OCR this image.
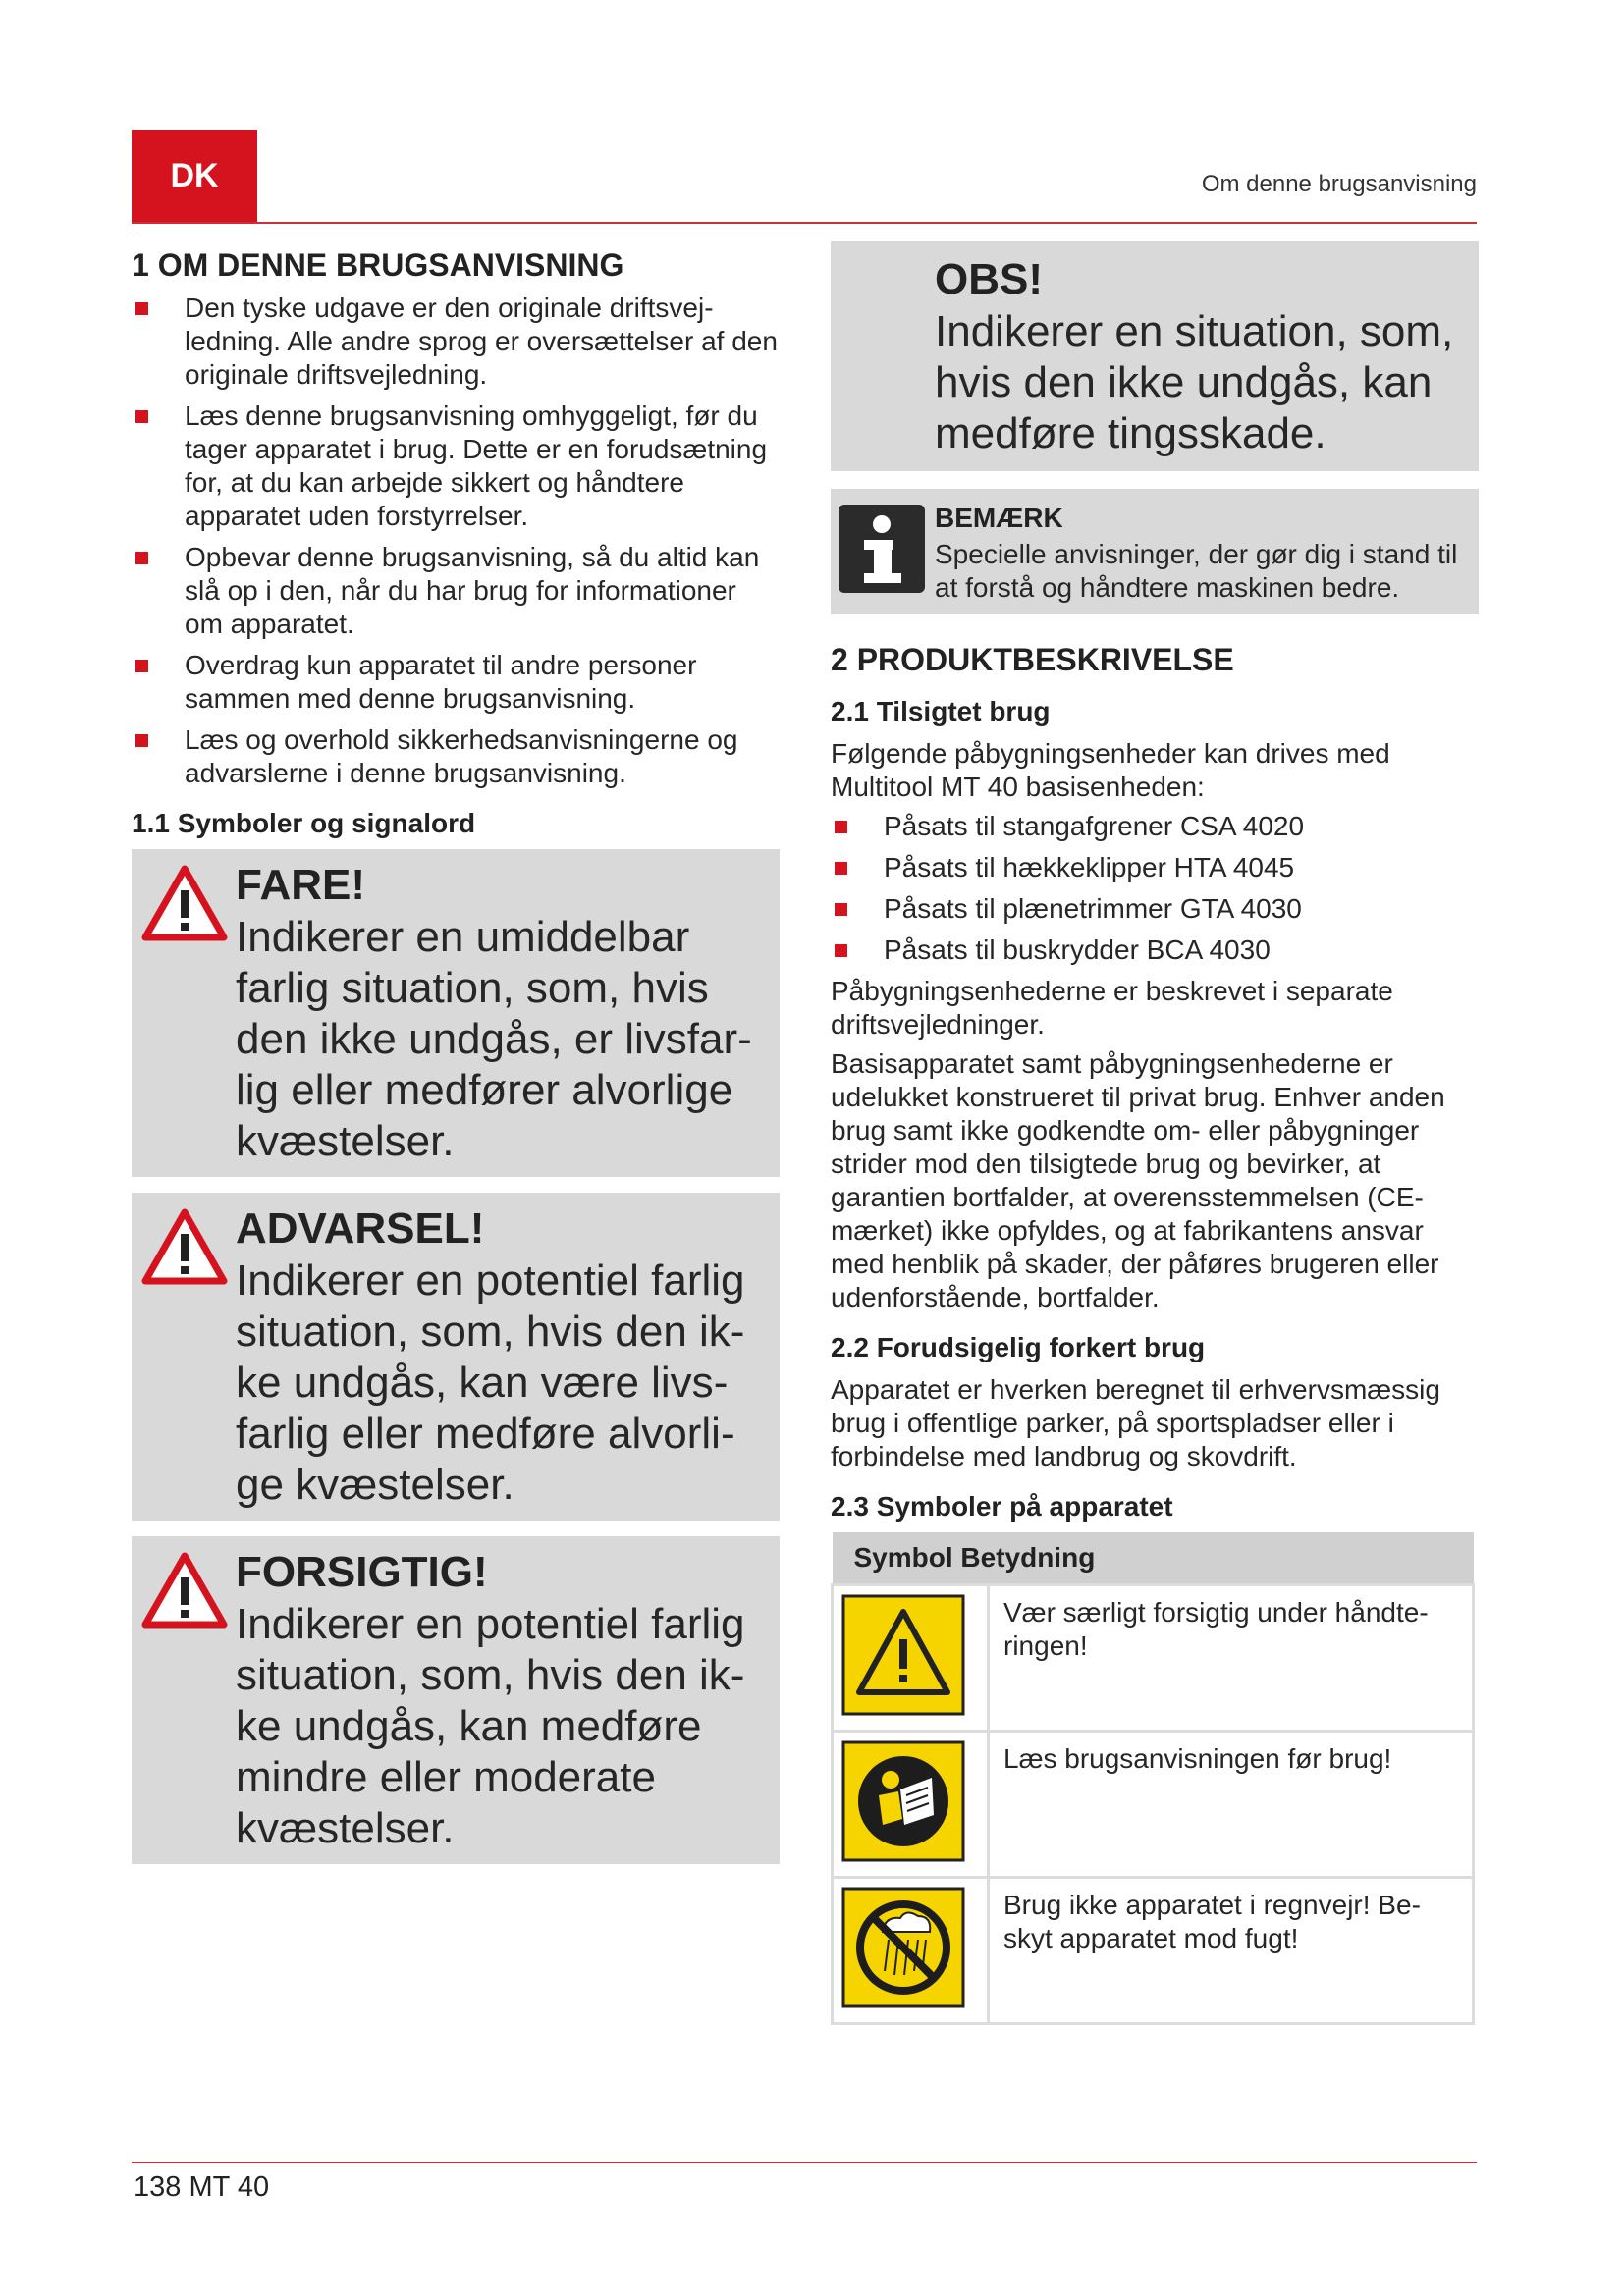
DK	Om denne brugsanvisning
1 OM DENNE BRUGSANVISNING
Den tyske udgave er den originale driftsvejledning. Alle andre sprog er oversættelser af den originale driftsvejledning.
Læs denne brugsanvisning omhyggeligt, før du tager apparatet i brug. Dette er en forudsætning for, at du kan arbejde sikkert og håndtere apparatet uden forstyrrelser.
Opbevar denne brugsanvisning, så du altid kan slå op i den, når du har brug for informationer om apparatet.
Overdrag kun apparatet til andre personer sammen med denne brugsanvisning.
Læs og overhold sikkerhedsanvisningerne og advarslerne i denne brugsanvisning.
1.1 Symboler og signalord
FARE!
Indikerer en umiddelbar farlig situation, som, hvis den ikke undgås, er livsfarlig eller medfører alvorlige kvæstelser.
ADVARSEL!
Indikerer en potentiel farlig situation, som, hvis den ikke undgås, kan være livsfarlig eller medføre alvorlige kvæstelser.
FORSIGTIG!
Indikerer en potentiel farlig situation, som, hvis den ikke undgås, kan medføre mindre eller moderate kvæstelser.
OBS!
Indikerer en situation, som, hvis den ikke undgås, kan medføre tingsskade.
BEMÆRK
Specielle anvisninger, der gør dig i stand til at forstå og håndtere maskinen bedre.
2 PRODUKTBESKRIVELSE
2.1 Tilsigtet brug

Følgende påbygningsenheder kan drives med Multitool MT 40 basisenheden:

Påsats til stangafgrener CSA 4020
Påsats til hækkeklipper HTA 4045
Påsats til plænetrimmer GTA 4030
Påsats til buskrydder BCA 4030

Påbygningsenhederne er beskrevet i separate driftsvejledninger.

Basisapparatet samt påbygningsenhederne er udelukket konstrueret til privat brug. Enhver anden brug samt ikke godkendte om- eller påbygninger strider mod den tilsigtede brug og bevirker, at garantien bortfalder, at overensstemmelsen (CE-mærket) ikke opfyldes, og at fabrikantens ansvar med henblik på skader, der påføres brugeren eller udenforstående, bortfalder.

2.2 Forudsigelig forkert brug

Apparatet er hverken beregnet til erhvervsmæssig brug i offentlige parker, på sportspladser eller i forbindelse med landbrug og skovdrift.

2.3 Symboler på apparatet
Symbol Betydning	

	Vær særligt forsigtig under håndteringen!

	Læs brugsanvisningen før brug!

	Brug ikke apparatet i regnvejr! Beskyt apparatet mod fugt!
138 MT 40
